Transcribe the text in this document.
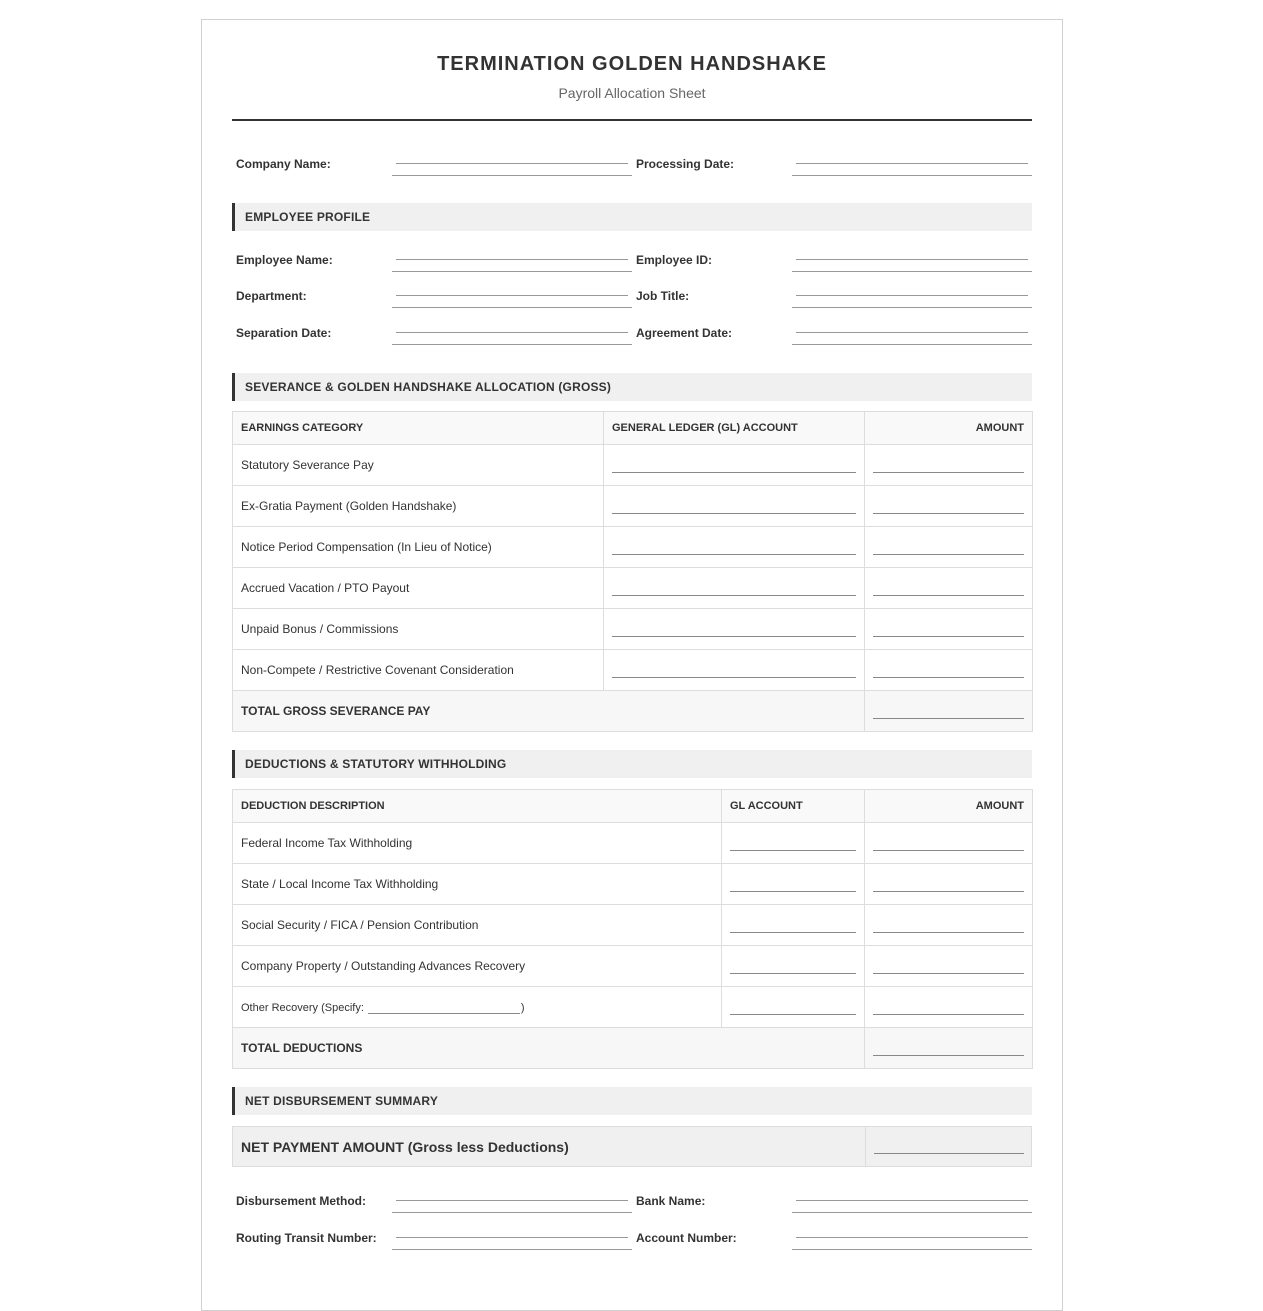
TERMINATION GOLDEN HANDSHAKE
Payroll Allocation Sheet
Company Name:	Processing Date:
EMPLOYEE PROFILE
Employee Name:	Employee ID:
Department:	Job Title:
Separation Date:	Agreement Date:
SEVERANCE & GOLDEN HANDSHAKE ALLOCATION (GROSS)
EARNINGS CATEGORY	GENERAL LEDGER (GL) ACCOUNT	AMOUNT
Statutory Severance Pay	

Ex-Gratia Payment (Golden Handshake)	

Notice Period Compensation (In Lieu of Notice)	

Accrued Vacation / PTO Payout	

Unpaid Bonus / Commissions	

Non-Compete / Restrictive Covenant Consideration	

TOTAL GROSS SEVERANCE PAY		
DEDUCTIONS & STATUTORY WITHHOLDING
DEDUCTION DESCRIPTION	GL ACCOUNT	AMOUNT
Federal Income Tax Withholding	

State / Local Income Tax Withholding	

Social Security / FICA / Pension Contribution	

Company Property / Outstanding Advances Recovery	

Other Recovery (Specify: )	

TOTAL DEDUCTIONS		
NET DISBURSEMENT SUMMARY
NET PAYMENT AMOUNT (Gross less Deductions)
Disbursement Method:	Bank Name:
Routing Transit Number:	Account Number:
